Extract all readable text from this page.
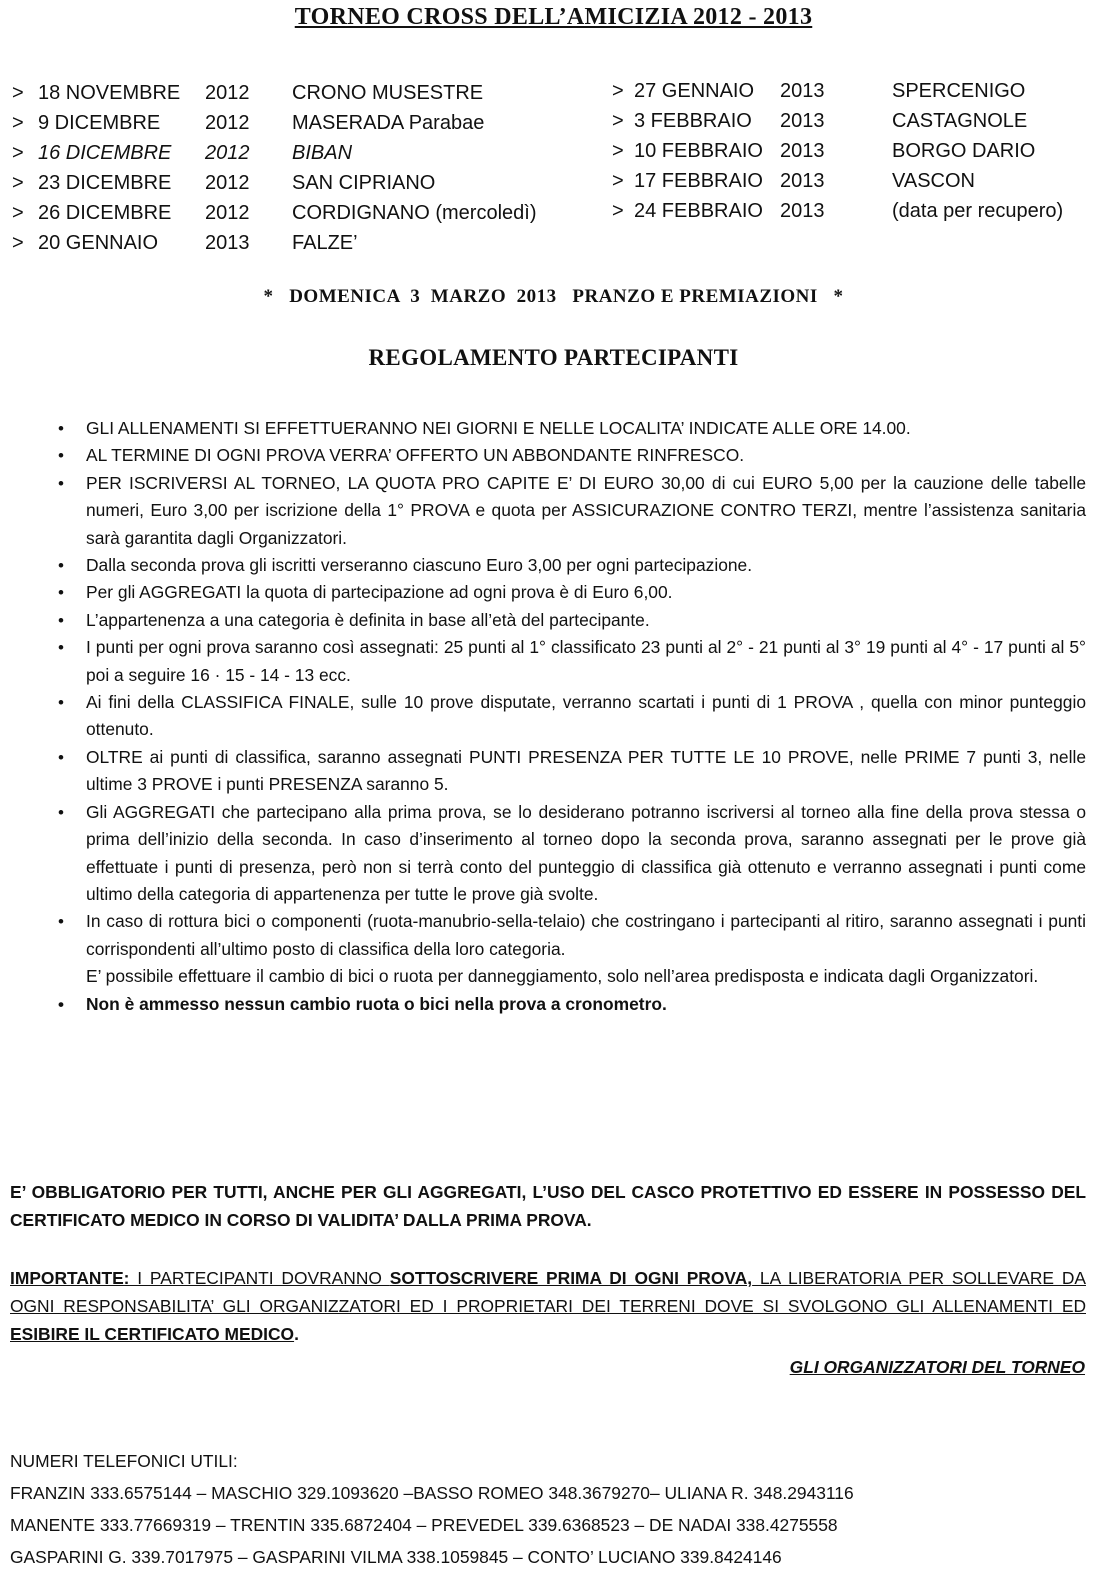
TORNEO CROSS DELL’AMICIZIA 2012 - 2013
> 18 NOVEMBRE 2012 CRONO MUSESTRE
> 9 DICEMBRE 2012 MASERADA Parabae
> 16 DICEMBRE 2012 BIBAN
> 23 DICEMBRE 2012 SAN CIPRIANO
> 26 DICEMBRE 2012 CORDIGNANO (mercoledì)
> 20 GENNAIO 2013 FALZE’
> 27 GENNAIO 2013	SPERCENIGO
> 3 FEBBRAIO 2013	CASTAGNOLE
> 10 FEBBRAIO 2013	BORGO DARIO
> 17 FEBBRAIO 2013	VASCON
> 24 FEBBRAIO 2013	(data per recupero)
*   DOMENICA  3  MARZO  2013   PRANZO E PREMIAZIONI   *
REGOLAMENTO PARTECIPANTI
• GLI ALLENAMENTI SI EFFETTUERANNO NEI GIORNI E NELLE LOCALITA’ INDICATE ALLE ORE 14.00.
• AL TERMINE DI OGNI PROVA VERRA’ OFFERTO UN ABBONDANTE RINFRESCO.
• PER ISCRIVERSI AL TORNEO, LA QUOTA PRO CAPITE E’ DI EURO 30,00 di cui EURO 5,00 per la cauzione delle tabelle numeri, Euro 3,00 per iscrizione della 1° PROVA e quota per ASSICURAZIONE CONTRO TERZI, mentre l’assistenza sanitaria sarà garantita dagli Organizzatori.
• Dalla seconda prova gli iscritti verseranno ciascuno Euro 3,00 per ogni partecipazione.
• Per gli AGGREGATI la quota di partecipazione ad ogni prova è di Euro 6,00.
• L’appartenenza a una categoria è definita in base all’età del partecipante.
• I punti per ogni prova saranno così assegnati: 25 punti al 1° classificato 23 punti al 2° - 21 punti al 3° 19 punti al 4° - 17 punti al 5° poi a seguire 16 · 15 - 14 - 13 ecc.
• Ai fini della CLASSIFICA FINALE, sulle 10 prove disputate, verranno scartati i punti di 1 PROVA , quella con minor punteggio ottenuto.
• OLTRE ai punti di classifica, saranno assegnati PUNTI PRESENZA PER TUTTE LE 10 PROVE, nelle PRIME 7 punti 3, nelle ultime 3 PROVE i punti PRESENZA saranno 5.
• Gli AGGREGATI che partecipano alla prima prova, se lo desiderano potranno iscriversi al torneo alla fine della prova stessa o prima dell’inizio della seconda. In caso d’inserimento al torneo dopo la seconda prova, saranno assegnati per le prove già effettuate i punti di presenza, però non si terrà conto del punteggio di classifica già ottenuto e verranno assegnati i punti come ultimo della categoria di appartenenza per tutte le prove già svolte.
• In caso di rottura bici o componenti (ruota-manubrio-sella-telaio) che costringano i partecipanti al ritiro, saranno assegnati i punti corrispondenti all’ultimo posto di classifica della loro categoria.
E’ possibile effettuare il cambio di bici o ruota per danneggiamento, solo nell’area predisposta e indicata dagli Organizzatori.
• Non è ammesso nessun cambio ruota o bici nella prova a cronometro.
E’ OBBLIGATORIO PER TUTTI, ANCHE PER GLI AGGREGATI, L’USO DEL CASCO PROTETTIVO ED ESSERE IN POSSESSO DEL CERTIFICATO MEDICO IN CORSO DI VALIDITA’ DALLA PRIMA PROVA.
IMPORTANTE: I PARTECIPANTI DOVRANNO SOTTOSCRIVERE PRIMA DI OGNI PROVA, LA LIBERATORIA PER SOLLEVARE DA OGNI RESPONSABILITA’ GLI ORGANIZZATORI ED I PROPRIETARI DEI TERRENI DOVE SI SVOLGONO GLI ALLENAMENTI ED ESIBIRE IL CERTIFICATO MEDICO.
GLI ORGANIZZATORI DEL TORNEO
NUMERI TELEFONICI UTILI:
FRANZIN 333.6575144 – MASCHIO 329.1093620 –BASSO ROMEO 348.3679270– ULIANA R. 348.2943116
MANENTE 333.77669319 – TRENTIN 335.6872404 – PREVEDEL 339.6368523 – DE NADAI 338.4275558
GASPARINI G. 339.7017975 – GASPARINI VILMA 338.1059845 – CONTO’ LUCIANO 339.8424146
